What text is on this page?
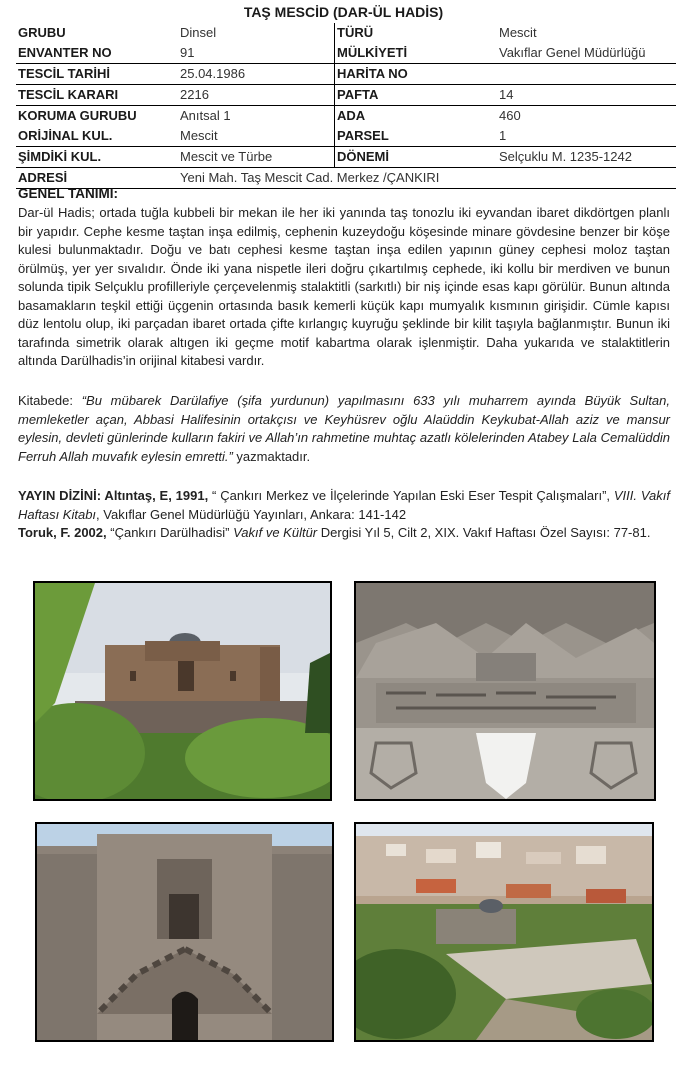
TAŞ MESCİD (DAR-ÜL HADİS)
GRUBU	Dinsel	TÜRÜ	Mescit
ENVANTER NO	91	MÜLKİYETİ	Vakıflar Genel Müdürlüğü
TESCİL TARİHİ	25.04.1986	HARİTA NO	
TESCİL KARARI	2216	PAFTA	14
KORUMA GURUBU	Anıtsal 1	ADA	460
ORİJİNAL KUL.	Mescit	PARSEL	1
ŞİMDİKİ KUL.	Mescit ve Türbe	DÖNEMİ	Selçuklu M. 1235-1242
ADRESİ	Yeni Mah. Taş Mescit Cad. Merkez /ÇANKIRI		
GENEL TANIMI:
Dar-ül Hadis; ortada tuğla kubbeli bir mekan ile her iki yanında taş tonozlu iki eyvandan ibaret dikdörtgen planlı bir yapıdır. Cephe kesme taştan inşa edilmiş, cephenin kuzeydoğu köşesinde minare gövdesine benzer bir köşe kulesi bulunmaktadır. Doğu ve batı cephesi kesme taştan inşa edilen yapının güney cephesi moloz taştan örülmüş, yer yer sıvalıdır. Önde iki yana nispetle ileri doğru çıkartılmış cephede, iki kollu bir merdiven ve bunun solunda tipik Selçuklu profilleriyle çerçevelenmiş stalaktitli (sarkıtlı) bir niş içinde esas kapı görülür. Bunun altında basamakların teşkil ettiği üçgenin ortasında basık kemerli küçük kapı mumyalık kısmının girişidir. Cümle kapısı düz lentolu olup, iki parçadan ibaret ortada çifte kırlangıç kuyruğu şeklinde bir kilit taşıyla bağlanmıştır. Bunun iki tarafında simetrik olarak altıgen iki geçme motif kabartma olarak işlenmiştir. Daha yukarıda ve stalaktitlerin altında Darülhadis’in orijinal kitabesi vardır.
Kitabede: “Bu mübarek Darülafiye (şifa yurdunun) yapılmasını 633 yılı muharrem ayında Büyük Sultan, memleketler açan, Abbasi Halifesinin ortakçısı ve Keyhüsrev oğlu Alaüddin Keykubat-Allah aziz ve mansur eylesin, devleti günlerinde kulların fakiri ve Allah’ın rahmetine muhtaç azatlı kölelerinden Atabey Lala Cemalüddin Ferruh Allah muvafık eylesin emretti.” yazmaktadır.
YAYIN DİZİNİ: Altıntaş, E, 1991, “ Çankırı Merkez ve İlçelerinde Yapılan Eski Eser Tespit Çalışmaları”, VIII. Vakıf Haftası Kitabı, Vakıflar Genel Müdürlüğü Yayınları, Ankara: 141-142
Toruk, F. 2002, “Çankırı Darülhadisi” Vakıf ve Kültür Dergisi Yıl 5, Cilt 2, XIX. Vakıf Haftası Özel Sayısı: 77-81.
